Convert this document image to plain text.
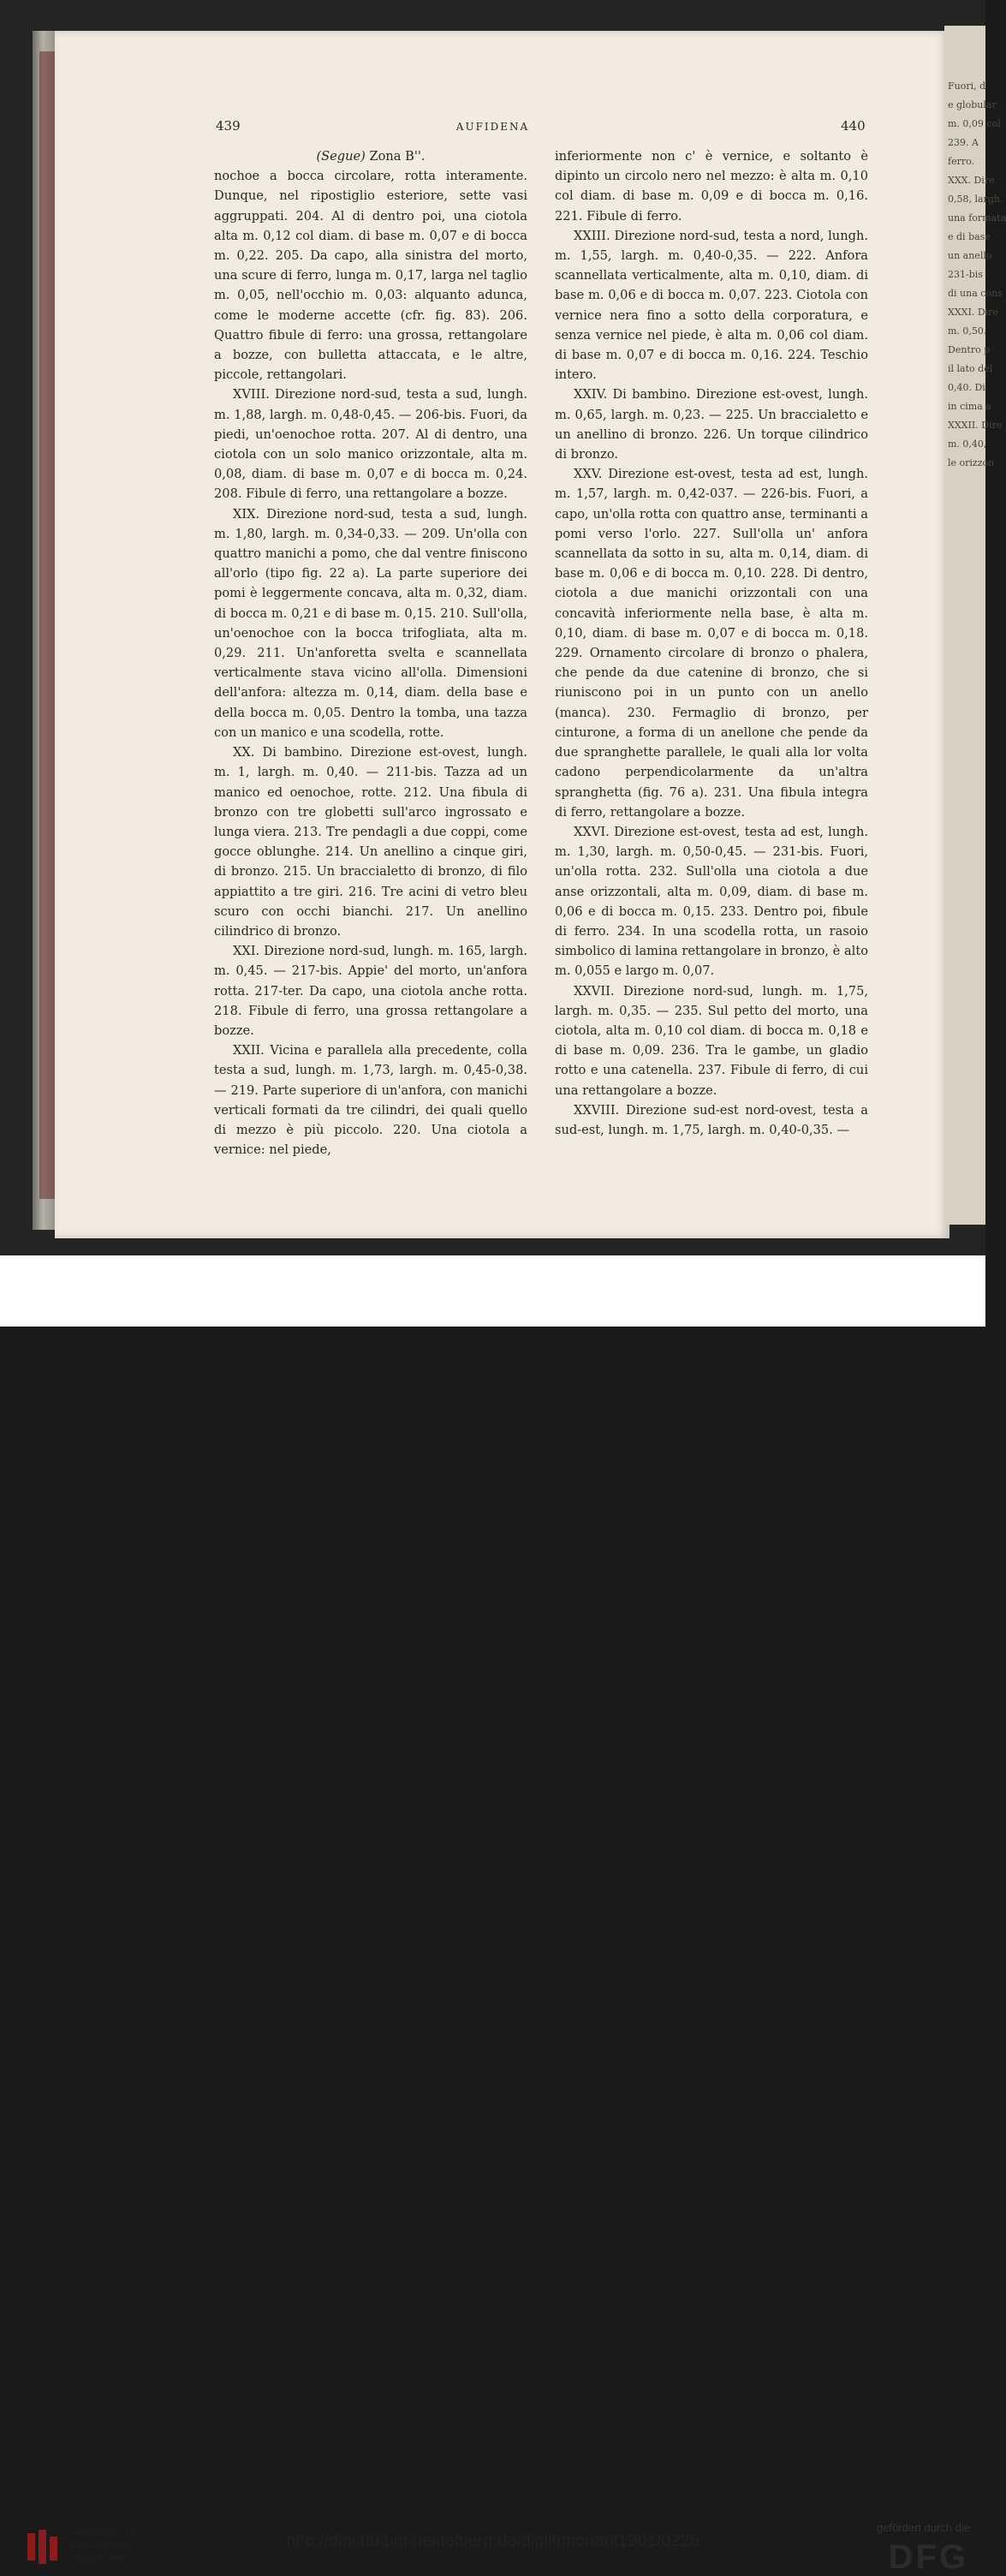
Fuori, d
e globular
m. 0,09 col
239. A
ferro.
XXX. Dire
0,58, largh.
una formata
e di base
un anello
231-bis
di una cons
XXXI. Dire
m. 0,50.
Dentro p
il lato del
0,40. Di
in cima a
XXXII. Dire
m. 0,40,
le orizzon
439	AUFIDENA	440

(Segue) Zona B''.

nochoe a bocca circolare, rotta interamente. Dunque, nel ripostiglio esteriore, sette vasi aggruppati. 204. Al di dentro poi, una ciotola alta m. 0,12 col diam. di base m. 0,07 e di bocca m. 0,22. 205. Da capo, alla sinistra del morto, una scure di ferro, lunga m. 0,17, larga nel taglio m. 0,05, nell'occhio m. 0,03: alquanto adunca, come le moderne accette (cfr. fig. 83). 206. Quattro fibule di ferro: una grossa, rettangolare a bozze, con bulletta attaccata, e le altre, piccole, rettangolari.

XVIII. Direzione nord-sud, testa a sud, lungh. m. 1,88, largh. m. 0,48-0,45. — 206-bis. Fuori, da piedi, un'oenochoe rotta. 207. Al di dentro, una ciotola con un solo manico orizzontale, alta m. 0,08, diam. di base m. 0,07 e di bocca m. 0,24. 208. Fibule di ferro, una rettangolare a bozze.

XIX. Direzione nord-sud, testa a sud, lungh. m. 1,80, largh. m. 0,34-0,33. — 209. Un'olla con quattro manichi a pomo, che dal ventre finiscono all'orlo (tipo fig. 22 a). La parte superiore dei pomi è leggermente concava, alta m. 0,32, diam. di bocca m. 0,21 e di base m. 0,15. 210. Sull'olla, un'oenochoe con la bocca trifogliata, alta m. 0,29. 211. Un'anforetta svelta e scannellata verticalmente stava vicino all'olla. Dimensioni dell'anfora: altezza m. 0,14, diam. della base e della bocca m. 0,05. Dentro la tomba, una tazza con un manico e una scodella, rotte.

XX. Di bambino. Direzione est-ovest, lungh. m. 1, largh. m. 0,40. — 211-bis. Tazza ad un manico ed oenochoe, rotte. 212. Una fibula di bronzo con tre globetti sull'arco ingrossato e lunga viera. 213. Tre pendagli a due coppi, come gocce oblunghe. 214. Un anellino a cinque giri, di bronzo. 215. Un braccialetto di bronzo, di filo appiattito a tre giri. 216. Tre acini di vetro bleu scuro con occhi bianchi. 217. Un anellino cilindrico di bronzo.

XXI. Direzione nord-sud, lungh. m. 165, largh. m. 0,45. — 217-bis. Appie' del morto, un'anfora rotta. 217-ter. Da capo, una ciotola anche rotta. 218. Fibule di ferro, una grossa rettangolare a bozze.

XXII. Vicina e parallela alla precedente, colla testa a sud, lungh. m. 1,73, largh. m. 0,45-0,38. — 219. Parte superiore di un'anfora, con manichi verticali formati da tre cilindri, dei quali quello di mezzo è più piccolo. 220. Una ciotola a vernice: nel piede,

inferiormente non c' è vernice, e soltanto è dipinto un circolo nero nel mezzo: è alta m. 0,10 col diam. di base m. 0,09 e di bocca m. 0,16. 221. Fibule di ferro.

XXIII. Direzione nord-sud, testa a nord, lungh. m. 1,55, largh. m. 0,40-0,35. — 222. Anfora scannellata verticalmente, alta m. 0,10, diam. di base m. 0,06 e di bocca m. 0,07. 223. Ciotola con vernice nera fino a sotto della corporatura, e senza vernice nel piede, è alta m. 0,06 col diam. di base m. 0,07 e di bocca m. 0,16. 224. Teschio intero.

XXIV. Di bambino. Direzione est-ovest, lungh. m. 0,65, largh. m. 0,23. — 225. Un braccialetto e un anellino di bronzo. 226. Un torque cilindrico di bronzo.

XXV. Direzione est-ovest, testa ad est, lungh. m. 1,57, largh. m. 0,42-037. — 226-bis. Fuori, a capo, un'olla rotta con quattro anse, terminanti a pomi verso l'orlo. 227. Sull'olla un' anfora scannellata da sotto in su, alta m. 0,14, diam. di base m. 0,06 e di bocca m. 0,10. 228. Di dentro, ciotola a due manichi orizzontali con una concavità inferiormente nella base, è alta m. 0,10, diam. di base m. 0,07 e di bocca m. 0,18. 229. Ornamento circolare di bronzo o phalera, che pende da due catenine di bronzo, che si riuniscono poi in un punto con un anello (manca). 230. Fermaglio di bronzo, per cinturone, a forma di un anellone che pende da due spranghette parallele, le quali alla lor volta cadono perpendicolarmente da un'altra spranghetta (fig. 76 a). 231. Una fibula integra di ferro, rettangolare a bozze.

XXVI. Direzione est-ovest, testa ad est, lungh. m. 1,30, largh. m. 0,50-0,45. — 231-bis. Fuori, un'olla rotta. 232. Sull'olla una ciotola a due anse orizzontali, alta m. 0,09, diam. di base m. 0,06 e di bocca m. 0,15. 233. Dentro poi, fibule di ferro. 234. In una scodella rotta, un rasoio simbolico di lamina rettangolare in bronzo, è alto m. 0,055 e largo m. 0,07.

XXVII. Direzione nord-sud, lungh. m. 1,75, largh. m. 0,35. — 235. Sul petto del morto, una ciotola, alta m. 0,10 col diam. di bocca m. 0,18 e di base m. 0,09. 236. Tra le gambe, un gladio rotto e una catenella. 237. Fibule di ferro, di cui una rettangolare a bozze.

XXVIII. Direzione sud-est nord-ovest, testa a sud-est, lungh. m. 1,75, largh. m. 0,40-0,35. —

UNIVERSITÄTS-
BIBLIOTHEK
HEIDELBERG
http://digi.ub.uni-heidelberg.de/diglit/monant1901/0226
gefördert durch die
DFG
